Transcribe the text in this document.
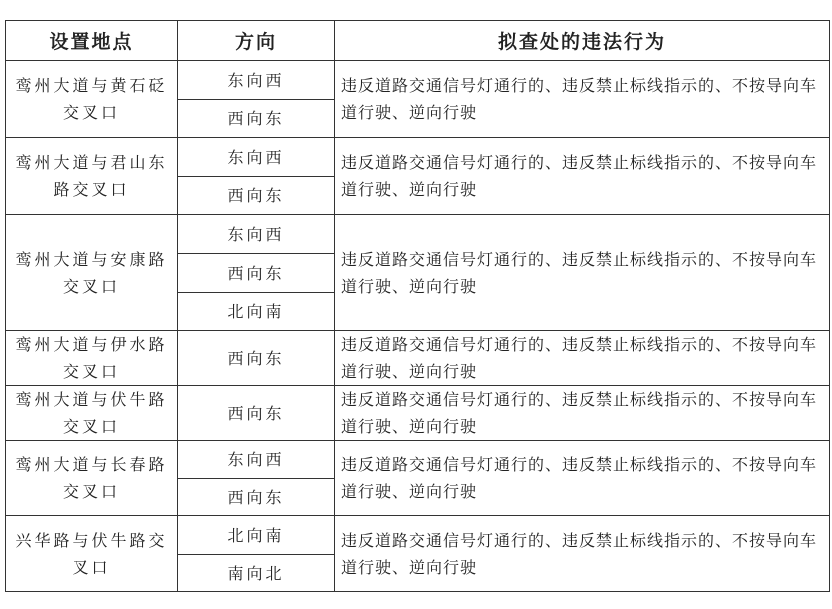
设置地点	方向	拟查处的违法行为
鸾州大道与黄石砭交叉口	东向西	违反道路交通信号灯通行的、违反禁止标线指示的、不按导向车道行驶、逆向行驶
	西向东	
鸾州大道与君山东路交叉口	东向西	违反道路交通信号灯通行的、违反禁止标线指示的、不按导向车道行驶、逆向行驶
	西向东	
鸾州大道与安康路交叉口	东向西	违反道路交通信号灯通行的、违反禁止标线指示的、不按导向车道行驶、逆向行驶
	西向东	
	北向南	
鸾州大道与伊水路交叉口	西向东	违反道路交通信号灯通行的、违反禁止标线指示的、不按导向车道行驶、逆向行驶
鸾州大道与伏牛路交叉口	西向东	违反道路交通信号灯通行的、违反禁止标线指示的、不按导向车道行驶、逆向行驶
鸾州大道与长春路交叉口	东向西	违反道路交通信号灯通行的、违反禁止标线指示的、不按导向车道行驶、逆向行驶
	西向东	
兴华路与伏牛路交叉口	北向南	违反道路交通信号灯通行的、违反禁止标线指示的、不按导向车道行驶、逆向行驶
	南向北	
